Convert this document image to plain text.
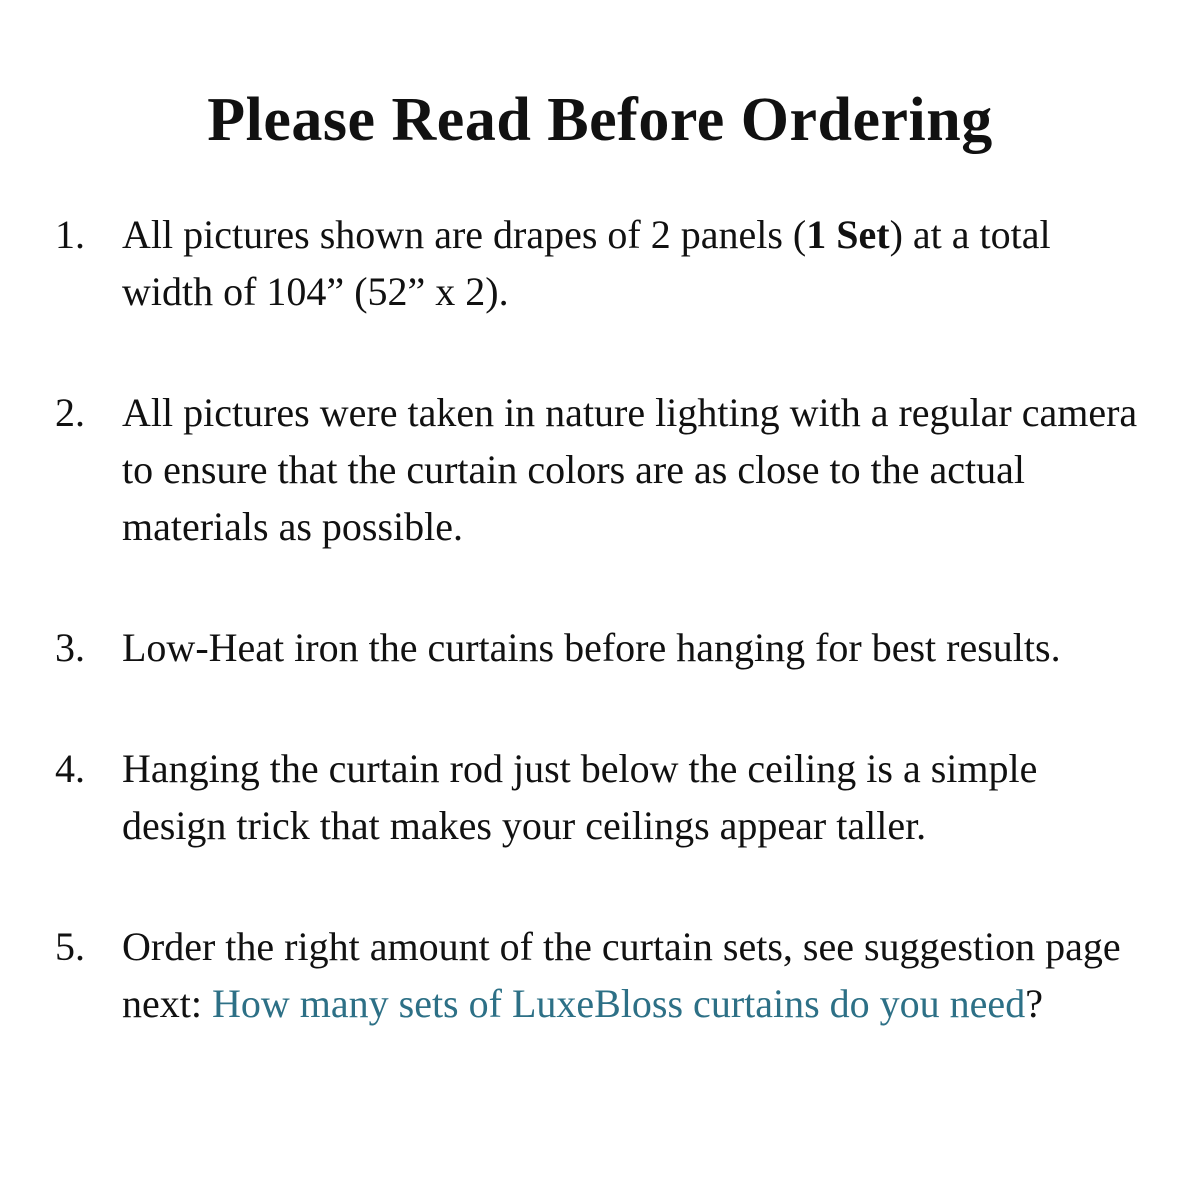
Please Read Before Ordering
1. All pictures shown are drapes of 2 panels (1 Set) at a total width of 104” (52” x 2).
2. All pictures were taken in nature lighting with a regular camera to ensure that the curtain colors are as close to the actual materials as possible.
3. Low-Heat iron the curtains before hanging for best results.
4. Hanging the curtain rod just below the ceiling is a simple design trick that makes your ceilings appear taller.
5. Order the right amount of the curtain sets, see suggestion page next: How many sets of LuxeBloss curtains do you need?
